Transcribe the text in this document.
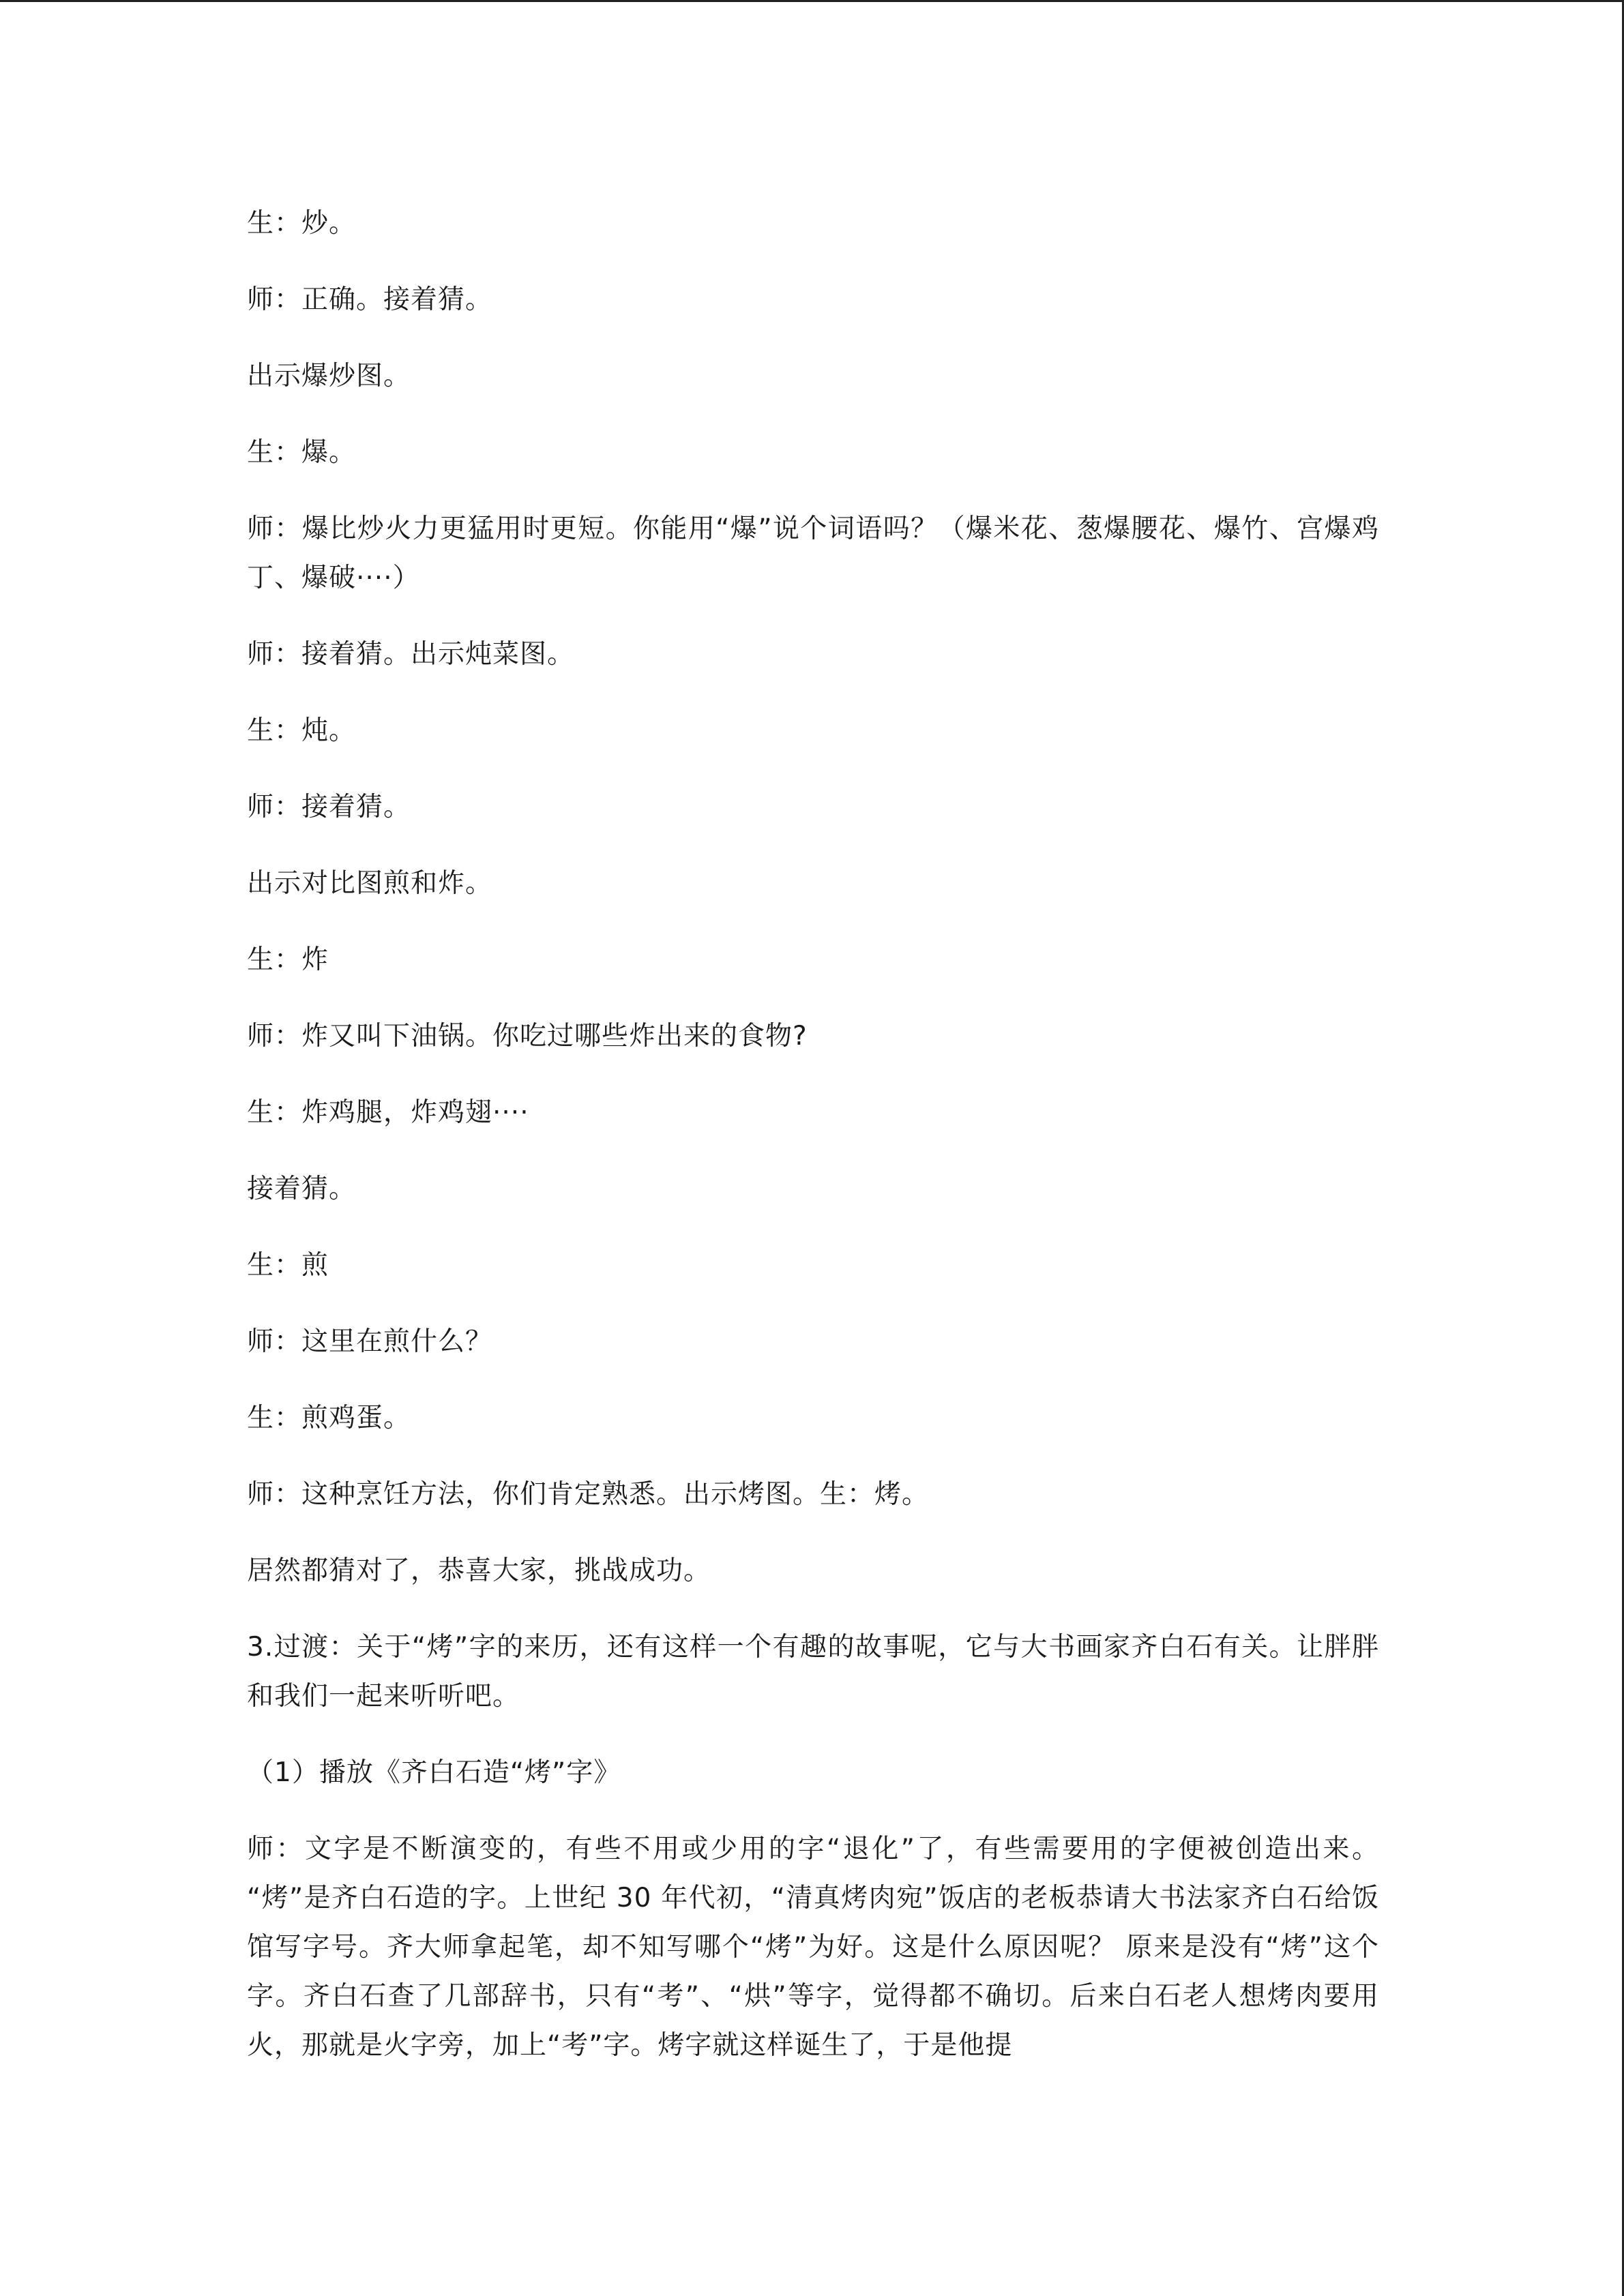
生：炒。

师：正确。接着猜。

出示爆炒图。

生：爆。

师：爆比炒火力更猛用时更短。你能用“爆”说个词语吗？（爆米花、葱爆腰花、爆竹、宫爆鸡丁、爆破····）

师：接着猜。出示炖菜图。

生：炖。

师：接着猜。

出示对比图煎和炸。

生：炸

师：炸又叫下油锅。你吃过哪些炸出来的食物?

生：炸鸡腿，炸鸡翅····

接着猜。

生：煎

师：这里在煎什么？

生：煎鸡蛋。

师：这种烹饪方法，你们肯定熟悉。出示烤图。生：烤。

居然都猜对了，恭喜大家，挑战成功。

3.过渡：关于“烤”字的来历，还有这样一个有趣的故事呢，它与大书画家齐白石有关。让胖胖和我们一起来听听吧。

（1）播放《齐白石造“烤”字》

师：文字是不断演变的，有些不用或少用的字“退化”了，有些需要用的字便被创造出来。 “烤”是齐白石造的字。上世纪 30 年代初，“清真烤肉宛”饭店的老板恭请大书法家齐白石给饭馆写字号。齐大师拿起笔，却不知写哪个“烤”为好。这是什么原因呢？ 原来是没有“烤”这个字。齐白石查了几部辞书，只有“考”、“烘”等字，觉得都不确切。后来白石老人想烤肉要用火，那就是火字旁，加上“考”字。烤字就这样诞生了，于是他提
